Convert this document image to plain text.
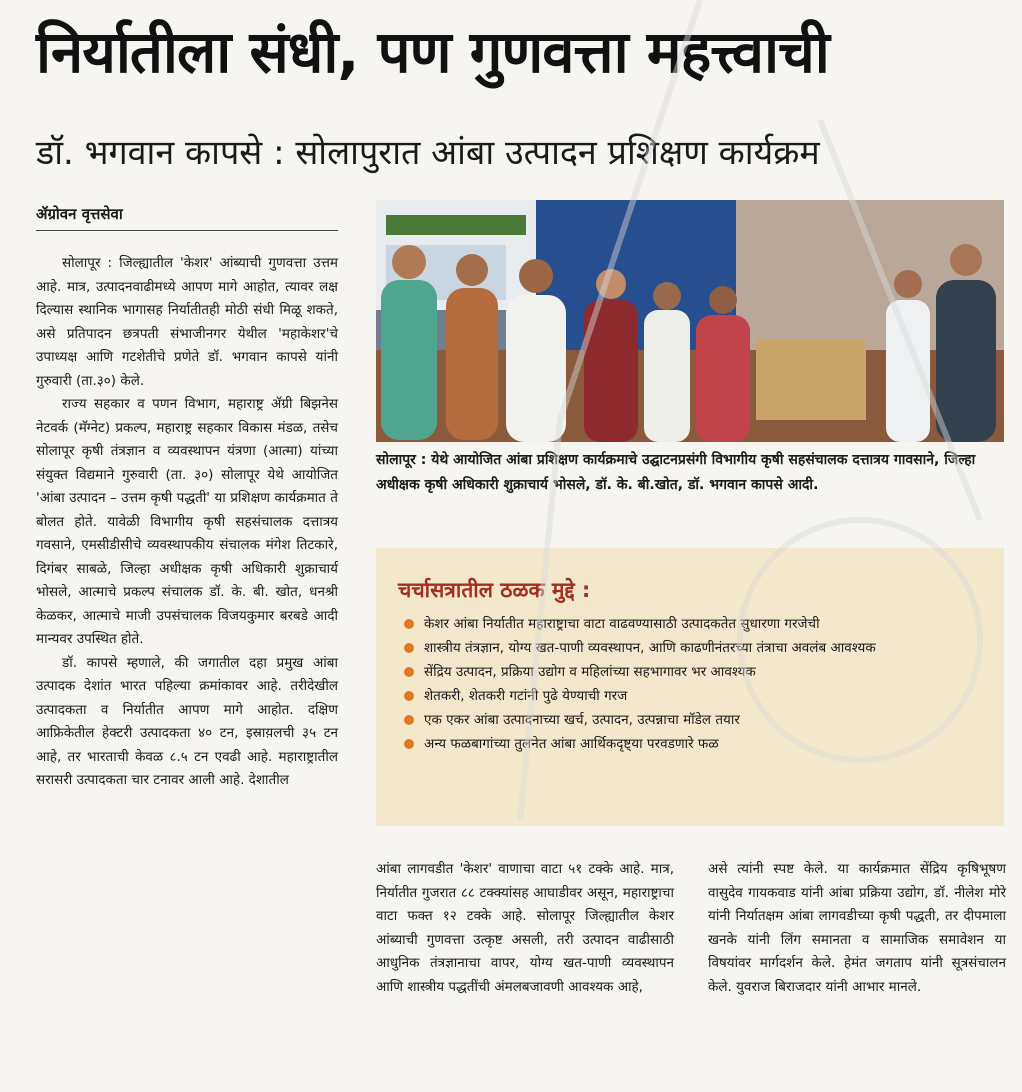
निर्यातीला संधी, पण गुणवत्ता महत्त्वाची
डॉ. भगवान कापसे : सोलापुरात आंबा उत्पादन प्रशिक्षण कार्यक्रम
ॲग्रोवन वृत्तसेवा

सोलापूर : जिल्ह्यातील 'केशर' आंब्याची गुणवत्ता उत्तम आहे. मात्र, उत्पादनवाढीमध्ये आपण मागे आहोत, त्यावर लक्ष दिल्यास स्थानिक भागासह निर्यातीतही मोठी संधी मिळू शकते, असे प्रतिपादन छत्रपती संभाजीनगर येथील 'महाकेशर'चे उपाध्यक्ष आणि गटशेतीचे प्रणेते डॉ. भगवान कापसे यांनी गुरुवारी (ता.३०) केले.

राज्य सहकार व पणन विभाग, महाराष्ट्र ॲग्री बिझनेस नेटवर्क (मॅग्नेट) प्रकल्प, महाराष्ट्र सहकार विकास मंडळ, तसेच सोलापूर कृषी तंत्रज्ञान व व्यवस्थापन यंत्रणा (आत्मा) यांच्या संयुक्त विद्यमाने गुरुवारी (ता. ३०) सोलापूर येथे आयोजित 'आंबा उत्पादन – उत्तम कृषी पद्धती' या प्रशिक्षण कार्यक्रमात ते बोलत होते. यावेळी विभागीय कृषी सहसंचालक दत्तात्रय गवसाने, एमसीडीसीचे व्यवस्थापकीय संचालक मंगेश तिटकारे, दिगंबर साबळे, जिल्हा अधीक्षक कृषी अधिकारी शुक्राचार्य भोसले, आत्माचे प्रकल्प संचालक डॉ. के. बी. खोत, धनश्री केळकर, आत्माचे माजी उपसंचालक विजयकुमार बरबडे आदी मान्यवर उपस्थित होते.

डॉ. कापसे म्हणाले, की जगातील दहा प्रमुख आंबा उत्पादक देशांत भारत पहिल्या क्रमांकावर आहे. तरीदेखील उत्पादकता व निर्यातीत आपण मागे आहोत. दक्षिण आफ्रिकेतील हेक्टरी उत्पादकता ४० टन, इस्राय़लची ३५ टन आहे, तर भारताची केवळ ८.५ टन एवढी आहे. महाराष्ट्रातील सरासरी उत्पादकता चार टनावर आली आहे. देशातील

सोलापूर : येथे आयोजित आंबा प्रशिक्षण कार्यक्रमाचे उद्घाटनप्रसंगी विभागीय कृषी सहसंचालक दत्तात्रय गावसाने, जिल्हा अधीक्षक कृषी अधिकारी शुक्राचार्य भोसले, डॉ. के. बी.खोत, डॉ. भगवान कापसे आदी.
चर्चासत्रातील ठळक मुद्दे :
केशर आंबा निर्यातीत महाराष्ट्राचा वाटा वाढवण्यासाठी उत्पादकतेत सुधारणा गरजेची
शास्त्रीय तंत्रज्ञान, योग्य खत-पाणी व्यवस्थापन, आणि काढणीनंतरच्या तंत्राचा अवलंब आवश्यक
सेंद्रिय उत्पादन, प्रक्रिया उद्योग व महिलांच्या सहभागावर भर आवश्यक
शेतकरी, शेतकरी गटांनी पुढे येण्याची गरज
एक एकर आंबा उत्पादनाच्या खर्च, उत्पादन, उत्पन्नाचा मॉडेल तयार
अन्य फळबागांच्या तुलनेत आंबा आर्थिकदृष्ट्या परवडणारे फळ
आंबा लागवडीत 'केशर' वाणाचा वाटा ५१ टक्के आहे. मात्र, निर्यातीत गुजरात ८८ टक्क्यांसह आघाडीवर असून, महाराष्ट्राचा वाटा फक्त १२ टक्के आहे. सोलापूर जिल्ह्यातील केशर आंब्याची गुणवत्ता उत्कृष्ट असली, तरी उत्पादन वाढीसाठी आधुनिक तंत्रज्ञानाचा वापर, योग्य खत-पाणी व्यवस्थापन आणि शास्त्रीय पद्धतींची अंमलबजावणी आवश्यक आहे,
असे त्यांनी स्पष्ट केले. या कार्यक्रमात सेंद्रिय कृषिभूषण वासुदेव गायकवाड यांनी आंबा प्रक्रिया उद्योग, डॉ. नीलेश मोरे यांनी निर्यातक्षम आंबा लागवडीच्या कृषी पद्धती, तर दीपमाला खनके यांनी लिंग समानता व सामाजिक समावेशन या विषयांवर मार्गदर्शन केले. हेमंत जगताप यांनी सूत्रसंचालन केले. युवराज बिराजदार यांनी आभार मानले.
